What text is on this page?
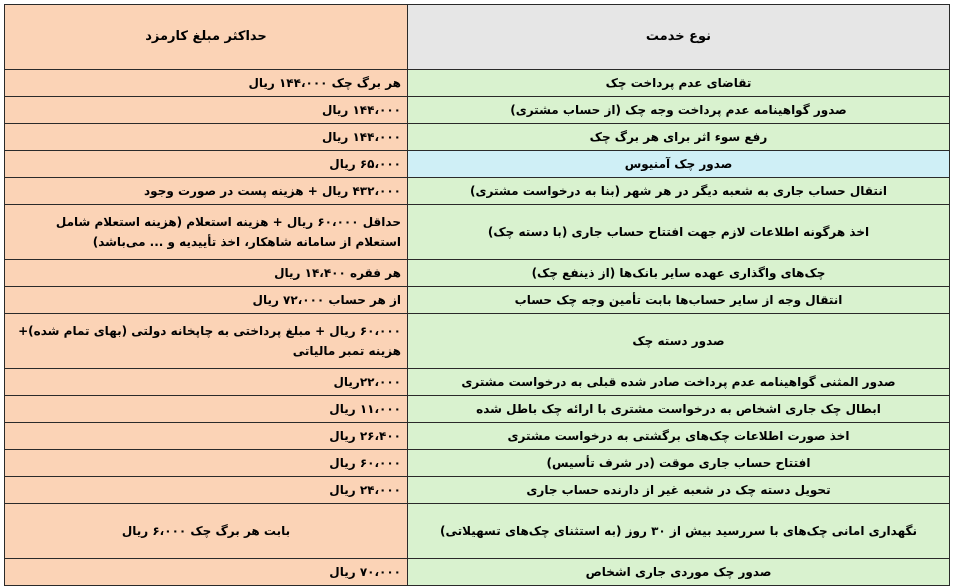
نوع خدمت	حداکثر مبلغ کارمزد
تقاضای عدم پرداخت چک	هر برگ چک ۱۴۴،۰۰۰ ریال
صدور گواهینامه عدم پرداخت وجه چک (از حساب مشتری)	۱۴۴،۰۰۰ ریال
رفع سوء اثر برای هر برگ چک	۱۴۴،۰۰۰ ریال
صدور چک آمنیوس	۶۵،۰۰۰ ریال
انتقال حساب جاری به شعبه دیگر در هر شهر (بنا به درخواست مشتری)	۴۳۲،۰۰۰ ریال + هزینه پست در صورت وجود
اخذ هرگونه اطلاعات لازم جهت افتتاح حساب جاری (با دسته چک)	حداقل ۶۰،۰۰۰ ریال + هزینه استعلام (هزینه استعلام شامل استعلام از سامانه شاهکار، اخذ تأییدیه و ... می‌باشد)
چک‌های واگذاری عهده سایر بانک‌ها (از ذینفع چک)	هر فقره ۱۴،۴۰۰ ریال
انتقال وجه از سایر حساب‌ها بابت تأمین وجه چک حساب	از هر حساب ۷۲،۰۰۰ ریال
صدور دسته چک	۶۰،۰۰۰ ریال + مبلغ پرداختی به چاپخانه دولتی (بهای تمام شده)+ هزینه تمبر مالیاتی
صدور المثنی گواهینامه عدم پرداخت صادر شده قبلی به درخواست مشتری	۲۲،۰۰۰ریال
ابطال چک جاری اشخاص به درخواست مشتری با ارائه چک باطل شده	۱۱،۰۰۰ ریال
اخذ صورت اطلاعات چک‌های برگشتی به درخواست مشتری	۲۶،۴۰۰ ریال
افتتاح حساب جاری موقت (در شرف تأسیس)	۶۰،۰۰۰ ریال
تحویل دسته چک در شعبه غیر از دارنده حساب جاری	۲۴،۰۰۰ ریال
نگهداری امانی چک‌های با سررسید بیش از ۳۰ روز (به استثنای چک‌های تسهیلاتی)	بابت هر برگ چک ۶،۰۰۰ ریال
صدور چک موردی جاری اشخاص	۷۰،۰۰۰ ریال
